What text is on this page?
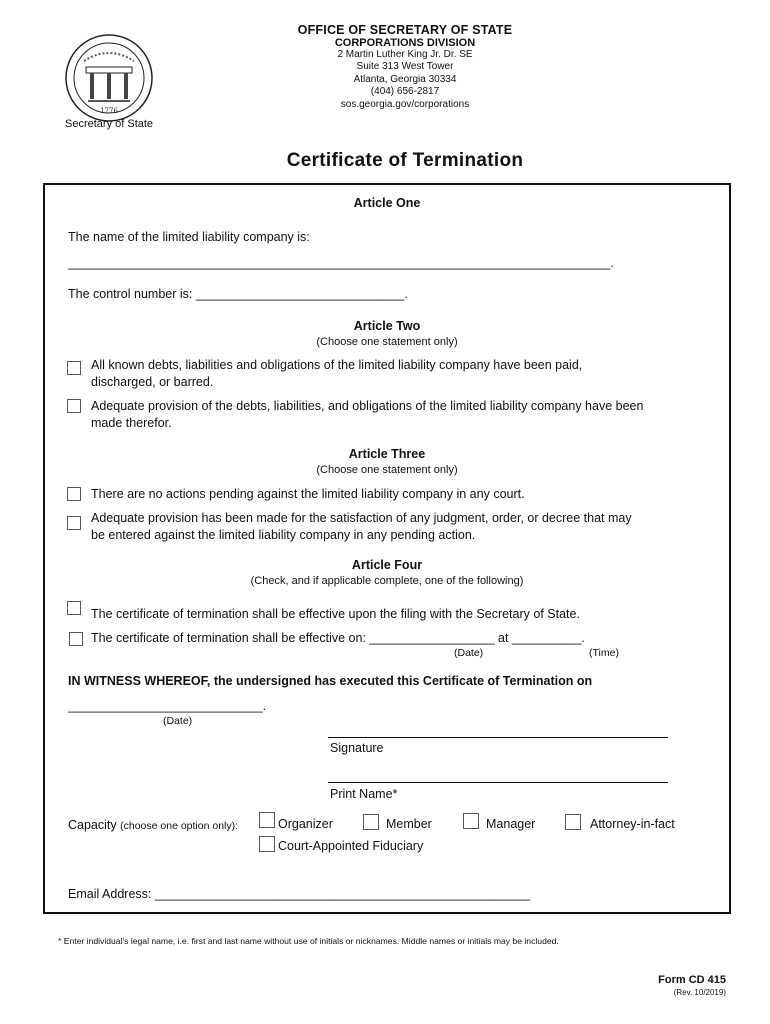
1776
OFFICE OF SECRETARY OF STATE
CORPORATIONS DIVISION
2 Martin Luther King Jr. Dr. SE
Suite 313 West Tower
Atlanta, Georgia 30334
(404) 656-2817
sos.georgia.gov/corporations
Secretary of State
Certificate of Termination
Article One
The name of the limited liability company is:
______________________________________________________________________________.
The control number is: ______________________________.
Article Two
(Choose one statement only)
All known debts, liabilities and obligations of the limited liability company have been paid,
discharged, or barred.
Adequate provision of the debts, liabilities, and obligations of the limited liability company have been
made therefor.
Article Three
(Choose one statement only)
There are no actions pending against the limited liability company in any court.
Adequate provision has been made for the satisfaction of any judgment, order, or decree that may
be entered against the limited liability company in any pending action.
Article Four
(Check, and if applicable complete, one of the following)
The certificate of termination shall be effective upon the filing with the Secretary of State.
The certificate of termination shall be effective on: __________________ at __________.
(Date)	(Time)
IN WITNESS WHEREOF, the undersigned has executed this Certificate of Termination on
____________________________.
(Date)
Signature
Print Name*
Capacity (choose one option only):	Organizer	Member	Manager	Attorney-in-fact
Court-Appointed Fiduciary
Email Address: ______________________________________________________
* Enter individual's legal name, i.e. first and last name without use of initials or nicknames. Middle names or initials may be included.
Form CD 415
(Rev. 10/2019)
